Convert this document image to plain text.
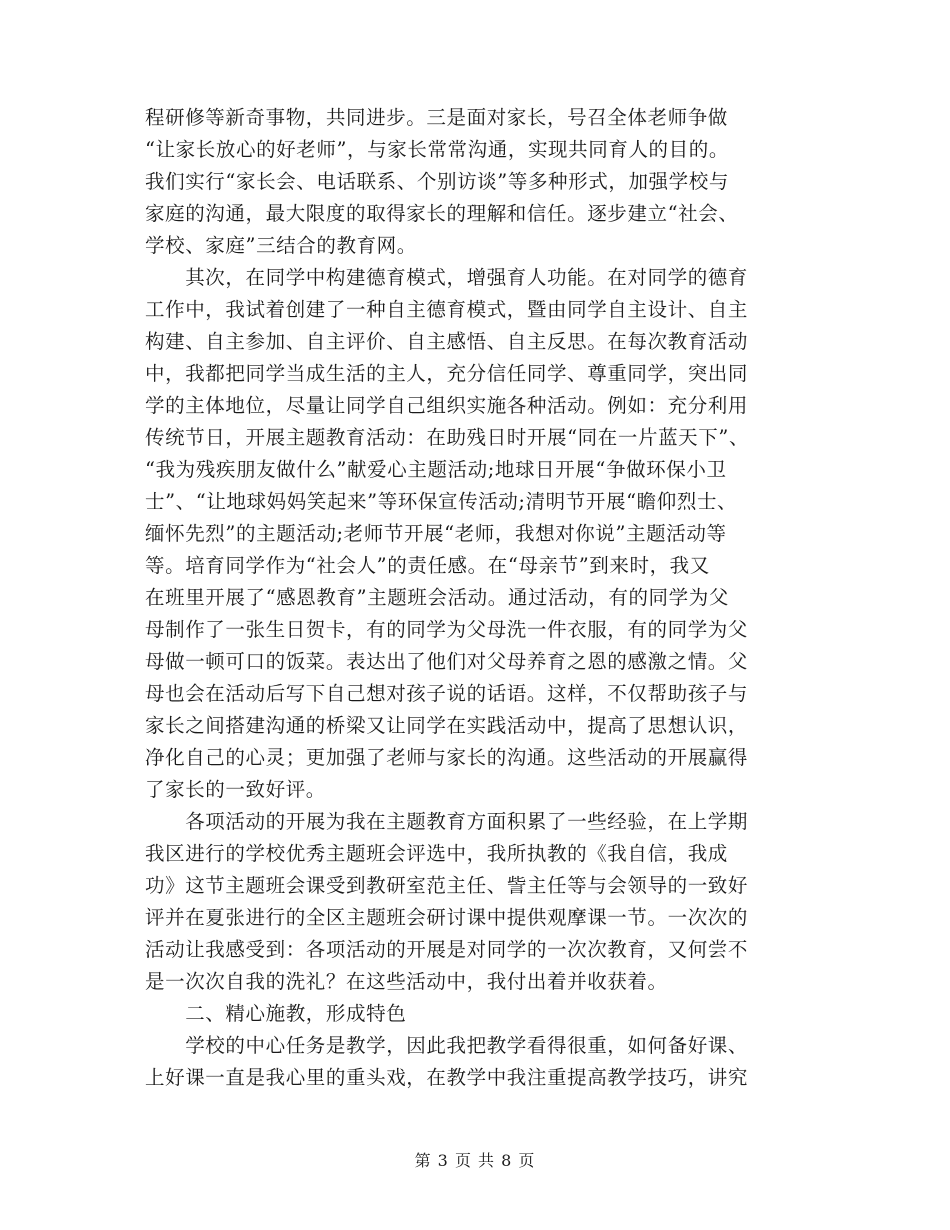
程研修等新奇事物，共同进步。三是面对家长，号召全体老师争做
“让家长放心的好老师”，与家长常常沟通，实现共同育人的目的。
我们实行“家长会、电话联系、个别访谈”等多种形式，加强学校与
家庭的沟通，最大限度的取得家长的理解和信任。逐步建立“社会、
学校、家庭”三结合的教育网。
　　其次，在同学中构建德育模式，增强育人功能。在对同学的德育
工作中，我试着创建了一种自主德育模式，暨由同学自主设计、自主
构建、自主参加、自主评价、自主感悟、自主反思。在每次教育活动
中，我都把同学当成生活的主人，充分信任同学、尊重同学，突出同
学的主体地位，尽量让同学自己组织实施各种活动。例如：充分利用
传统节日，开展主题教育活动：在助残日时开展“同在一片蓝天下”、
“我为残疾朋友做什么”献爱心主题活动;地球日开展“争做环保小卫
士”、“让地球妈妈笑起来”等环保宣传活动;清明节开展“瞻仰烈士、
缅怀先烈”的主题活动;老师节开展“老师，我想对你说”主题活动等
等。培育同学作为“社会人”的责任感。在“母亲节”到来时，我又
在班里开展了“感恩教育”主题班会活动。通过活动，有的同学为父
母制作了一张生日贺卡，有的同学为父母洗一件衣服，有的同学为父
母做一顿可口的饭菜。表达出了他们对父母养育之恩的感激之情。父
母也会在活动后写下自己想对孩子说的话语。这样，不仅帮助孩子与
家长之间搭建沟通的桥梁又让同学在实践活动中，提高了思想认识，
净化自己的心灵；更加强了老师与家长的沟通。这些活动的开展赢得
了家长的一致好评。
　　各项活动的开展为我在主题教育方面积累了一些经验，在上学期
我区进行的学校优秀主题班会评选中，我所执教的《我自信，我成
功》这节主题班会课受到教研室范主任、訾主任等与会领导的一致好
评并在夏张进行的全区主题班会研讨课中提供观摩课一节。一次次的
活动让我感受到：各项活动的开展是对同学的一次次教育，又何尝不
是一次次自我的洗礼？在这些活动中，我付出着并收获着。
　　二、精心施教，形成特色
　　学校的中心任务是教学，因此我把教学看得很重，如何备好课、
上好课一直是我心里的重头戏，在教学中我注重提高教学技巧，讲究
第 3 页 共 8 页
